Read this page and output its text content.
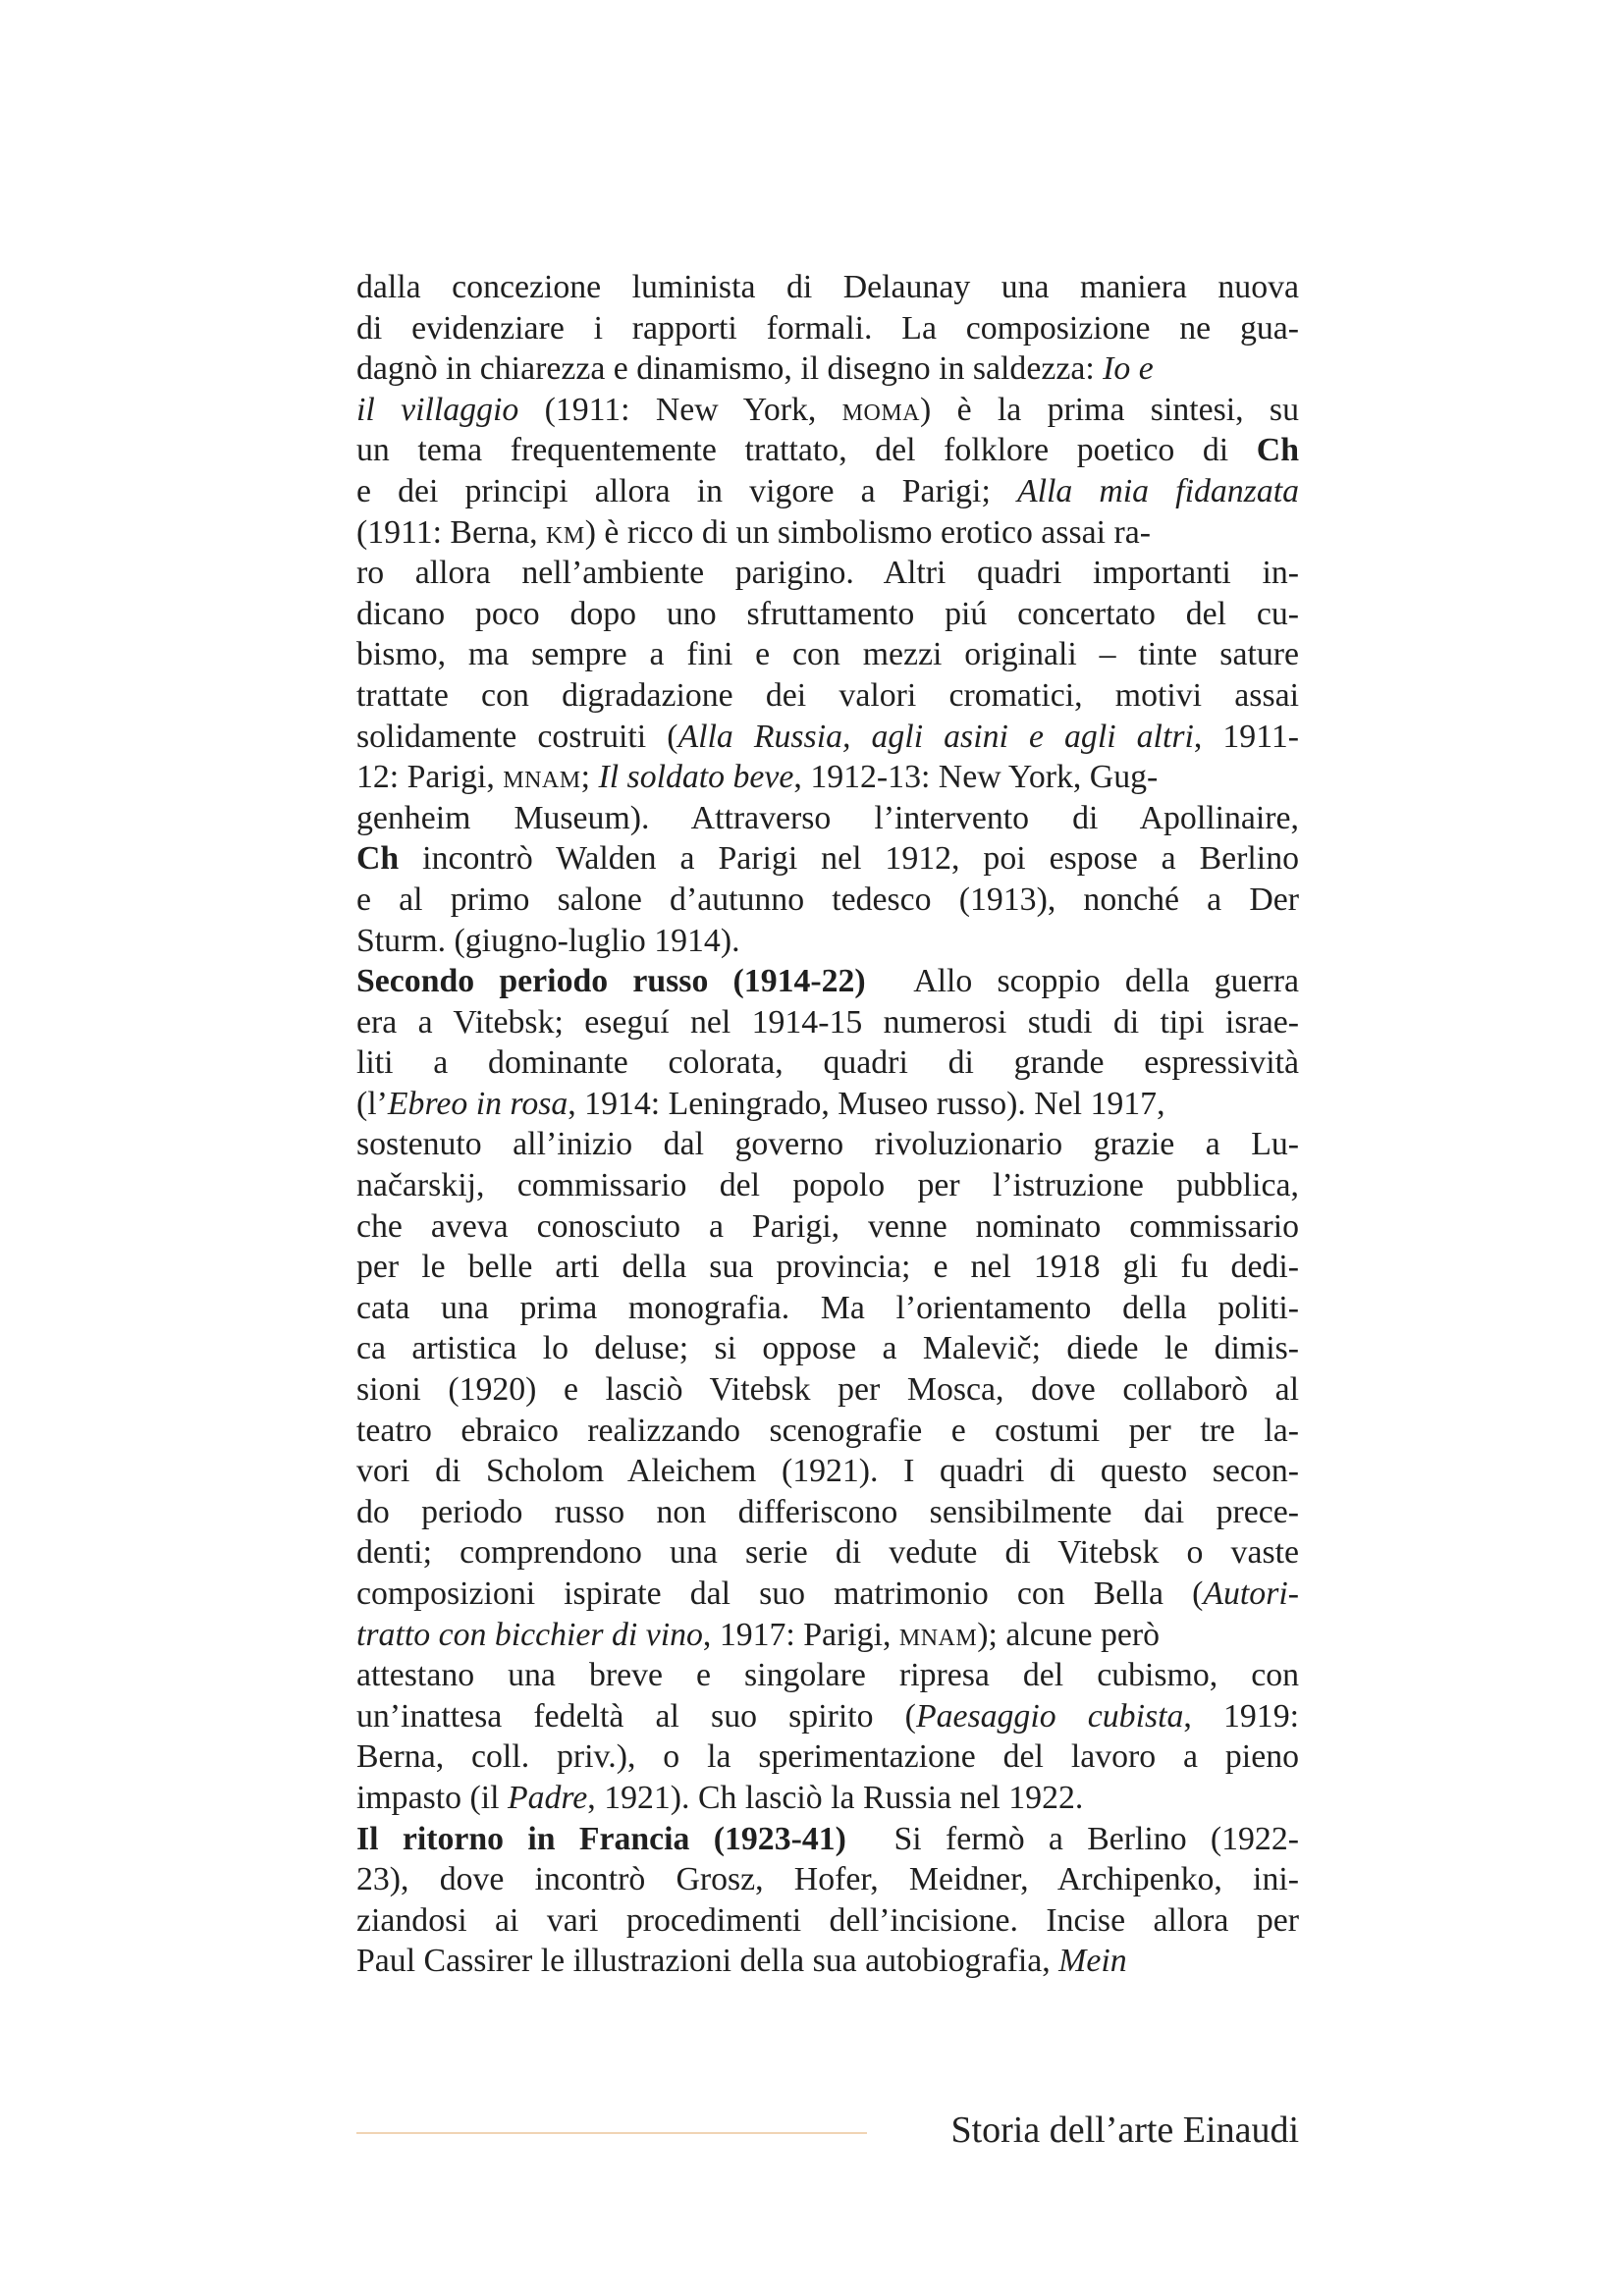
dalla concezione luminista di Delaunay una maniera nuova
di evidenziare i rapporti formali. La composizione ne gua-
dagnò in chiarezza e dinamismo, il disegno in saldezza: Io e
il villaggio (1911: New York, moma) è la prima sintesi, su
un tema frequentemente trattato, del folklore poetico di Ch
e dei principi allora in vigore a Parigi; Alla mia fidanzata
(1911: Berna, km) è ricco di un simbolismo erotico assai ra-
ro allora nell’ambiente parigino. Altri quadri importanti in-
dicano poco dopo uno sfruttamento piú concertato del cu-
bismo, ma sempre a fini e con mezzi originali – tinte sature
trattate con digradazione dei valori cromatici, motivi assai
solidamente costruiti (Alla Russia, agli asini e agli altri, 1911-
12: Parigi, mnam; Il soldato beve, 1912-13: New York, Gug-
genheim Museum). Attraverso l’intervento di Apollinaire,
Ch incontrò Walden a Parigi nel 1912, poi espose a Berlino
e al primo salone d’autunno tedesco (1913), nonché a Der
Sturm. (giugno-luglio 1914).
Secondo periodo russo (1914-22)  Allo scoppio della guerra
era a Vitebsk; eseguí nel 1914-15 numerosi studi di tipi israe-
liti a dominante colorata, quadri di grande espressività
(l’Ebreo in rosa, 1914: Leningrado, Museo russo). Nel 1917,
sostenuto all’inizio dal governo rivoluzionario grazie a Lu-
načarskij, commissario del popolo per l’istruzione pubblica,
che aveva conosciuto a Parigi, venne nominato commissario
per le belle arti della sua provincia; e nel 1918 gli fu dedi-
cata una prima monografia. Ma l’orientamento della politi-
ca artistica lo deluse; si oppose a Malevič; diede le dimis-
sioni (1920) e lasciò Vitebsk per Mosca, dove collaborò al
teatro ebraico realizzando scenografie e costumi per tre la-
vori di Scholom Aleichem (1921). I quadri di questo secon-
do periodo russo non differiscono sensibilmente dai prece-
denti; comprendono una serie di vedute di Vitebsk o vaste
composizioni ispirate dal suo matrimonio con Bella (Autori-
tratto con bicchier di vino, 1917: Parigi, mnam); alcune però
attestano una breve e singolare ripresa del cubismo, con
un’inattesa fedeltà al suo spirito (Paesaggio cubista, 1919:
Berna, coll. priv.), o la sperimentazione del lavoro a pieno
impasto (il Padre, 1921). Ch lasciò la Russia nel 1922.
Il ritorno in Francia (1923-41)  Si fermò a Berlino (1922-
23), dove incontrò Grosz, Hofer, Meidner, Archipenko, ini-
ziandosi ai vari procedimenti dell’incisione. Incise allora per
Paul Cassirer le illustrazioni della sua autobiografia, Mein
Storia dell’arte Einaudi
